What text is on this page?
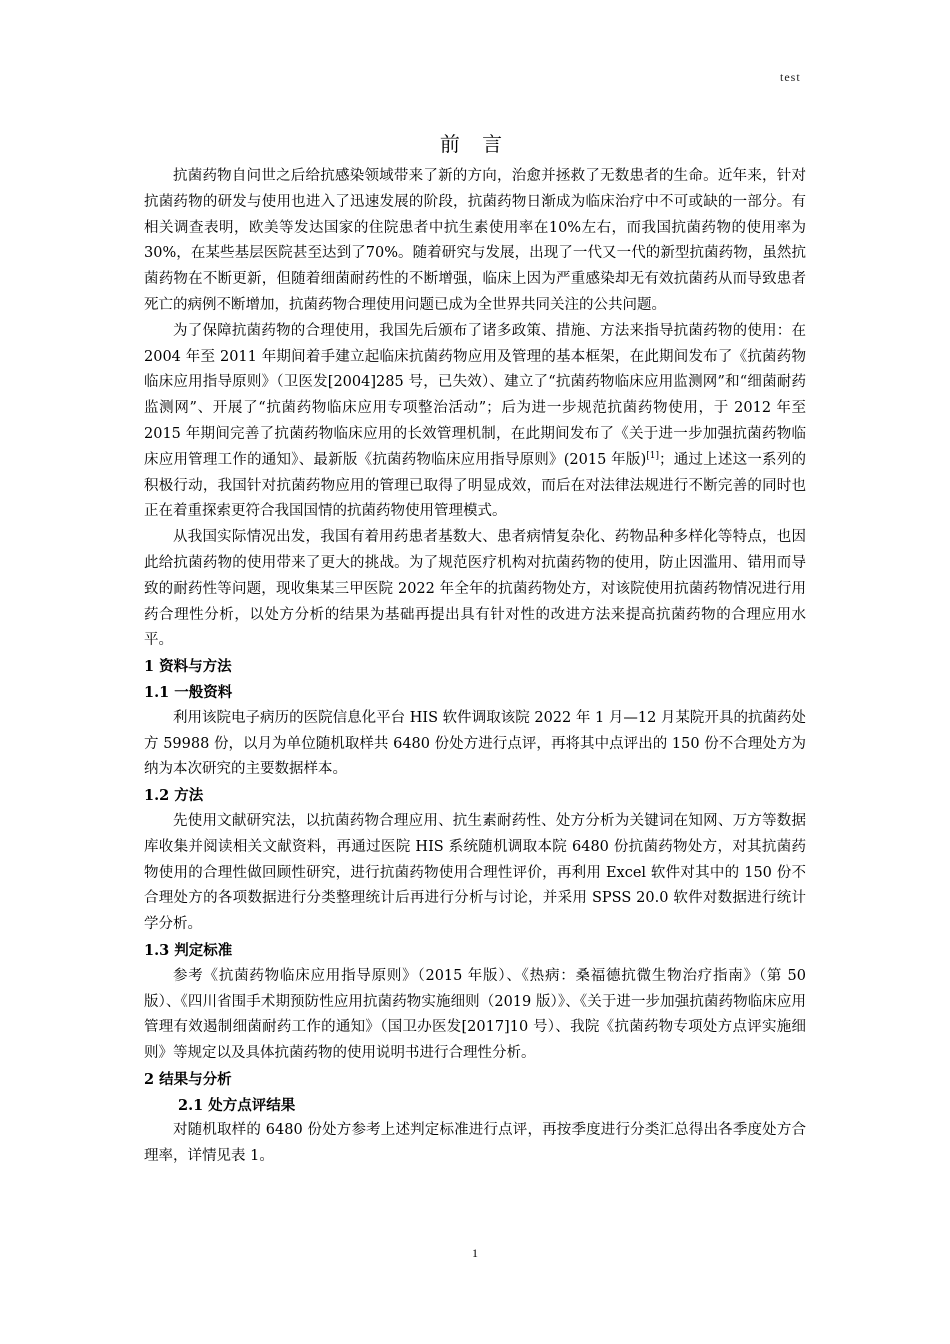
test
前 言

抗菌药物自问世之后给抗感染领域带来了新的方向，治愈并拯救了无数患者的生命。近年来，针对抗菌药物的研发与使用也进入了迅速发展的阶段，抗菌药物日渐成为临床治疗中不可或缺的一部分。有相关调查表明，欧美等发达国家的住院患者中抗生素使用率在10%左右，而我国抗菌药物的使用率为30%，在某些基层医院甚至达到了70%。随着研究与发展，出现了一代又一代的新型抗菌药物，虽然抗菌药物在不断更新，但随着细菌耐药性的不断增强，临床上因为严重感染却无有效抗菌药从而导致患者死亡的病例不断增加，抗菌药物合理使用问题已成为全世界共同关注的公共问题。

为了保障抗菌药物的合理使用，我国先后颁布了诸多政策、措施、方法来指导抗菌药物的使用：在 2004 年至 2011 年期间着手建立起临床抗菌药物应用及管理的基本框架，在此期间发布了《抗菌药物临床应用指导原则》（卫医发[2004]285 号，已失效）、建立了“抗菌药物临床应用监测网”和“细菌耐药监测网”、开展了“抗菌药物临床应用专项整治活动”；后为进一步规范抗菌药物使用，于 2012 年至 2015 年期间完善了抗菌药物临床应用的长效管理机制，在此期间发布了《关于进一步加强抗菌药物临床应用管理工作的通知》、最新版《抗菌药物临床应用指导原则》(2015 年版)[1]；通过上述这一系列的积极行动，我国针对抗菌药物应用的管理已取得了明显成效，而后在对法律法规进行不断完善的同时也正在着重探索更符合我国国情的抗菌药物使用管理模式。

从我国实际情况出发，我国有着用药患者基数大、患者病情复杂化、药物品种多样化等特点，也因此给抗菌药物的使用带来了更大的挑战。为了规范医疗机构对抗菌药物的使用，防止因滥用、错用而导致的耐药性等问题，现收集某三甲医院 2022 年全年的抗菌药物处方，对该院使用抗菌药物情况进行用药合理性分析，以处方分析的结果为基础再提出具有针对性的改进方法来提高抗菌药物的合理应用水平。

1 资料与方法

1.1 一般资料

利用该院电子病历的医院信息化平台 HIS 软件调取该院 2022 年 1 月—12 月某院开具的抗菌药处方 59988 份，以月为单位随机取样共 6480 份处方进行点评，再将其中点评出的 150 份不合理处方为纳为本次研究的主要数据样本。

1.2 方法

先使用文献研究法，以抗菌药物合理应用、抗生素耐药性、处方分析为关键词在知网、万方等数据库收集并阅读相关文献资料，再通过医院 HIS 系统随机调取本院 6480 份抗菌药物处方，对其抗菌药物使用的合理性做回顾性研究，进行抗菌药物使用合理性评价，再利用 Excel 软件对其中的 150 份不合理处方的各项数据进行分类整理统计后再进行分析与讨论，并采用 SPSS 20.0 软件对数据进行统计学分析。

1.3 判定标准

参考《抗菌药物临床应用指导原则》（2015 年版）、《热病：桑福德抗微生物治疗指南》（第 50 版）、《四川省围手术期预防性应用抗菌药物实施细则（2019 版）》、《关于进一步加强抗菌药物临床应用管理有效遏制细菌耐药工作的通知》（国卫办医发[2017]10 号）、我院《抗菌药物专项处方点评实施细则》等规定以及具体抗菌药物的使用说明书进行合理性分析。

2 结果与分析

2.1 处方点评结果

对随机取样的 6480 份处方参考上述判定标准进行点评，再按季度进行分类汇总得出各季度处方合理率，详情见表 1。

1
